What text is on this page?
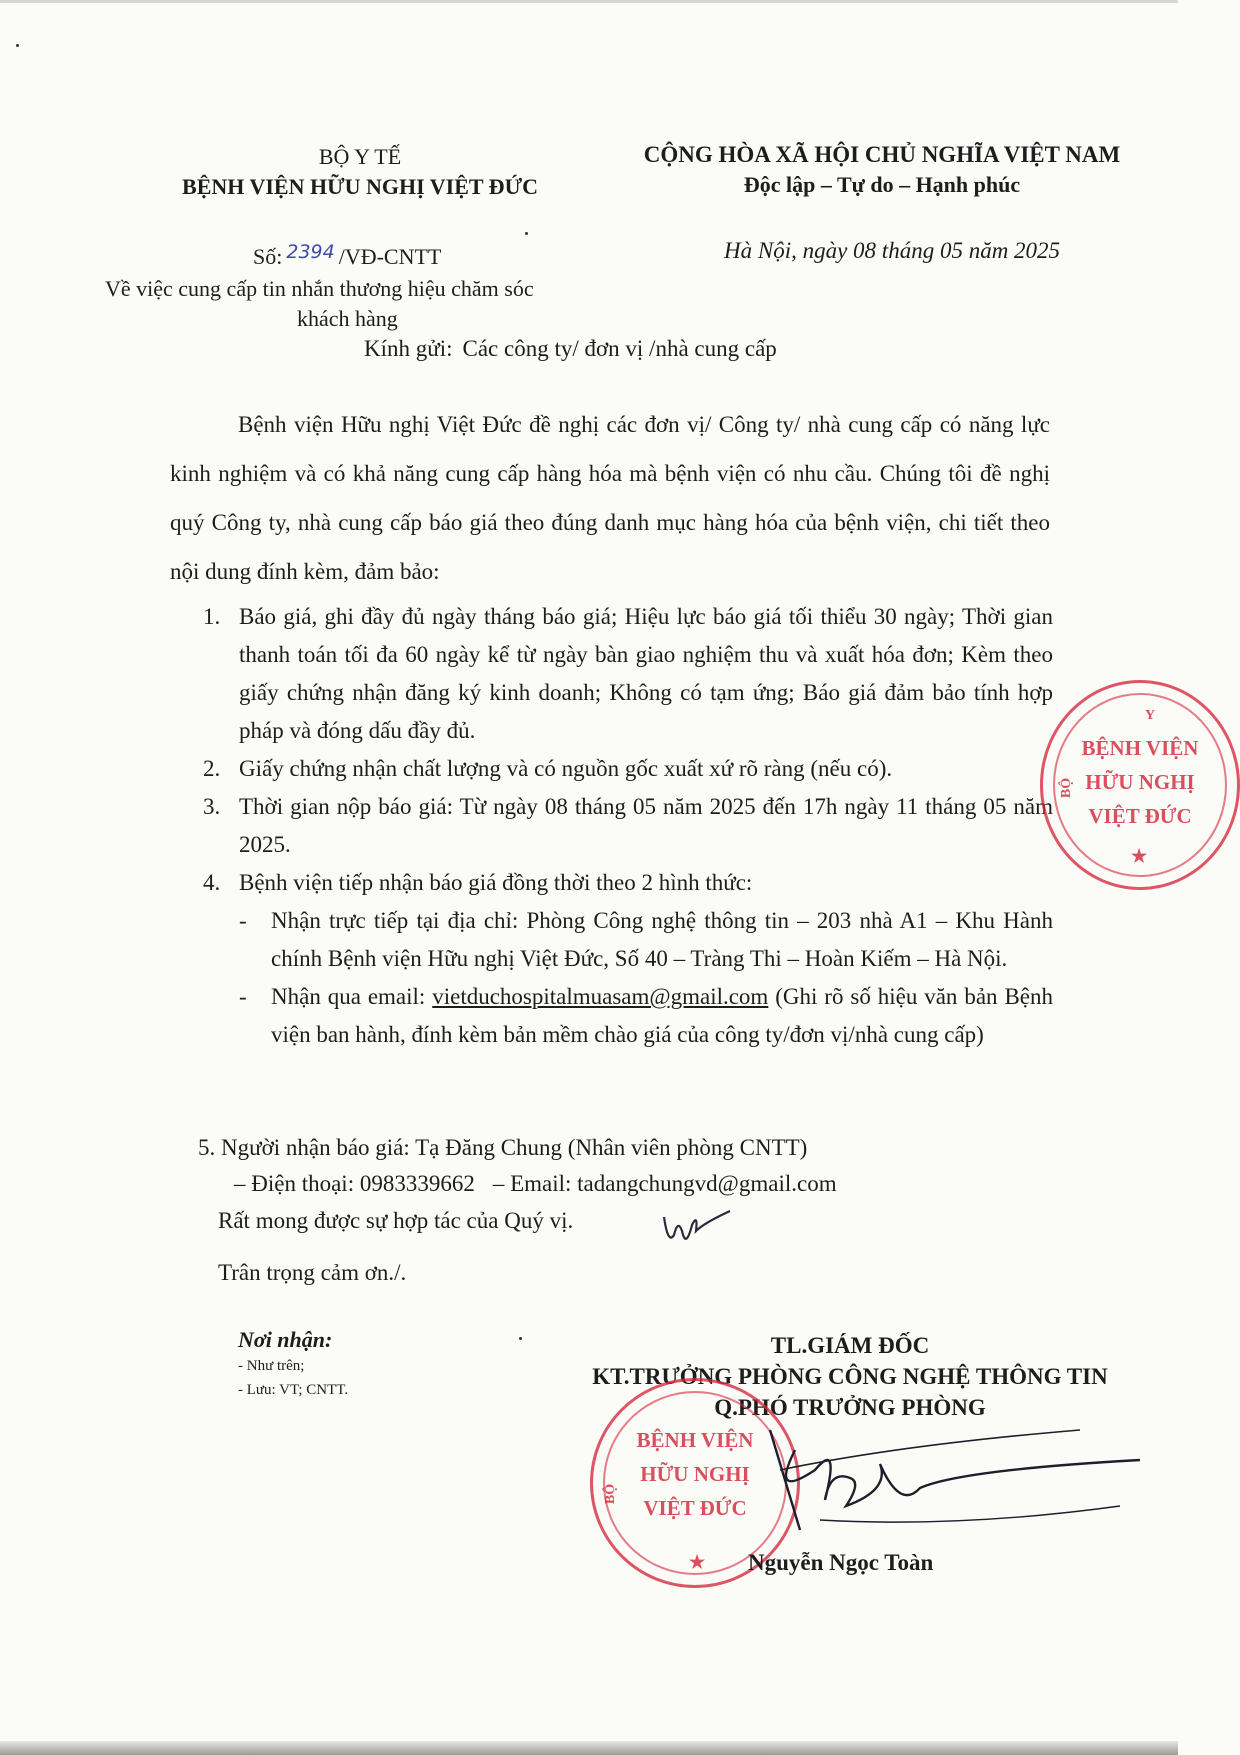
BỘ Y TẾ
BỆNH VIỆN HỮU NGHỊ VIỆT ĐỨC
CỘNG HÒA XÃ HỘI CHỦ NGHĨA VIỆT NAM
Độc lập – Tự do – Hạnh phúc
Số: 2394 /VĐ-CNTT	Hà Nội, ngày 08 tháng 05 năm 2025
Về việc cung cấp tin nhắn thương hiệu chăm sóc
khách hàng
Kính gửi: Các công ty/ đơn vị /nhà cung cấp
Bệnh viện Hữu nghị Việt Đức đề nghị các đơn vị/ Công ty/ nhà cung cấp có năng lực kinh nghiệm và có khả năng cung cấp hàng hóa mà bệnh viện có nhu cầu. Chúng tôi đề nghị quý Công ty, nhà cung cấp báo giá theo đúng danh mục hàng hóa của bệnh viện, chi tiết theo nội dung đính kèm, đảm bảo:
1. Báo giá, ghi đầy đủ ngày tháng báo giá; Hiệu lực báo giá tối thiểu 30 ngày; Thời gian thanh toán tối đa 60 ngày kể từ ngày bàn giao nghiệm thu và xuất hóa đơn; Kèm theo giấy chứng nhận đăng ký kinh doanh; Không có tạm ứng; Báo giá đảm bảo tính hợp pháp và đóng dấu đầy đủ.
2. Giấy chứng nhận chất lượng và có nguồn gốc xuất xứ rõ ràng (nếu có).
3. Thời gian nộp báo giá: Từ ngày 08 tháng 05 năm 2025 đến 17h ngày 11 tháng 05 năm 2025.
4. Bệnh viện tiếp nhận báo giá đồng thời theo 2 hình thức:
- Nhận trực tiếp tại địa chỉ: Phòng Công nghệ thông tin – 203 nhà A1 – Khu Hành chính Bệnh viện Hữu nghị Việt Đức, Số 40 – Tràng Thi – Hoàn Kiếm – Hà Nội.
- Nhận qua email: vietduchospitalmuasam@gmail.com (Ghi rõ số hiệu văn bản Bệnh viện ban hành, đính kèm bản mềm chào giá của công ty/đơn vị/nhà cung cấp)
5. Người nhận báo giá: Tạ Đăng Chung (Nhân viên phòng CNTT)
– Điện thoại: 0983339662 – Email: tadangchungvd@gmail.com
Rất mong được sự hợp tác của Quý vị.
Trân trọng cảm ơn./.
Nơi nhận:
- Như trên;
- Lưu: VT; CNTT.
TL.GIÁM ĐỐC
KT.TRƯỞNG PHÒNG CÔNG NGHỆ THÔNG TIN
Q.PHÓ TRƯỞNG PHÒNG
BỘ
BỆNH VIỆN
HỮU NGHỊ
VIỆT ĐỨC
★ Nguyễn Ngọc Toàn
Y
BỘ
BỆNH VIỆN
HỮU NGHỊ
VIỆT ĐỨC
★
